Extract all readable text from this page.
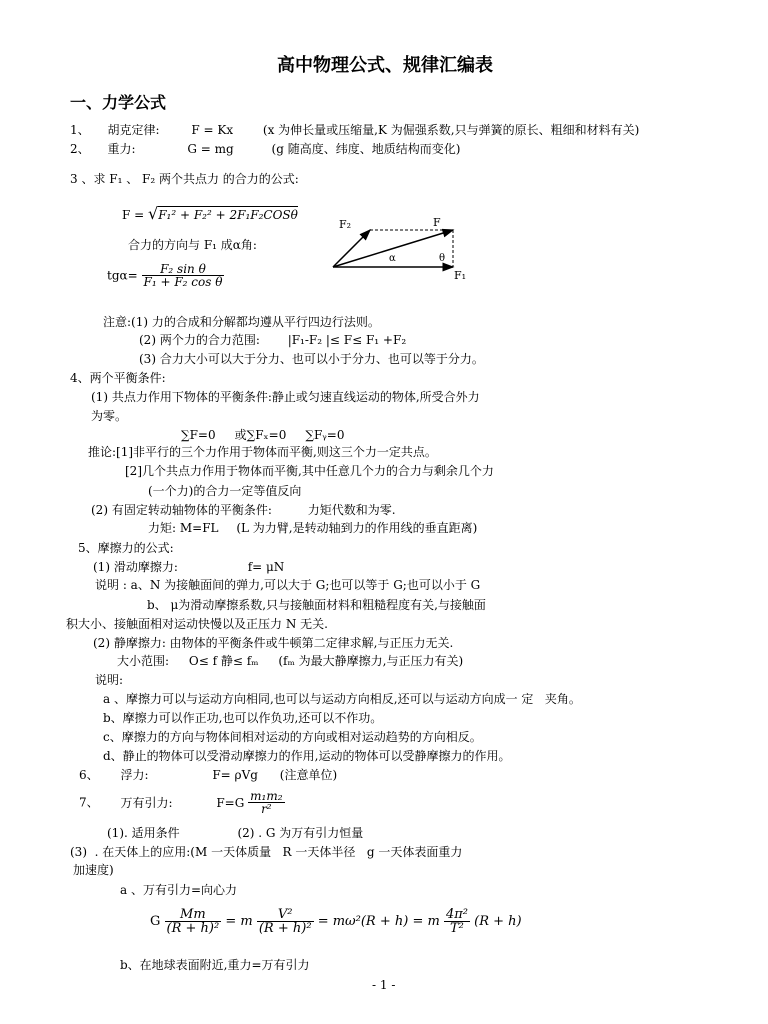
高中物理公式、规律汇编表
一、力学公式
1、 胡克定律:	F = Kx (x 为伸长量或压缩量,K 为倔强系数,只与弹簧的原长、粗细和材料有关)
2、 重力:	G = mg	(g 随高度、纬度、地质结构而变化)
3 、求 F₁ 、 F₂ 两个共点力 的合力的公式:
F = √F₁² + F₂² + 2F₁F₂COSθ
合力的方向与 F₁ 成α角:
$tg\alpha= \frac{\text{F₂ sin θ}}{\text{F₁ + F₂ cos θ}}$
F₂	F
F₁
α	θ
注意:(1) 力的合成和分解都均遵从平行四边行法则。
(2) 两个力的合力范围: |F₁-F₂ |≤ F≤ F₁ +F₂
(3) 合力大小可以大于分力、也可以小于分力、也可以等于分力。
4、两个平衡条件:
(1) 共点力作用下物体的平衡条件:静止或匀速直线运动的物体,所受合外力
为零。
∑F=0     或∑Fₓ=0     ∑Fᵧ=0
推论:[1]非平行的三个力作用于物体而平衡,则这三个力一定共点。
[2]几个共点力作用于物体而平衡,其中任意几个力的合力与剩余几个力
(一个力)的合力一定等值反向
(2) 有固定转动轴物体的平衡条件:	力矩代数和为零.
力矩: M=FL (L 为力臂,是转动轴到力的作用线的垂直距离)
5、摩擦力的公式:
(1) 滑动摩擦力:	f= μN
说明 : a、N 为接触面间的弹力,可以大于 G;也可以等于 G;也可以小于 G
b、 μ为滑动摩擦系数,只与接触面材料和粗糙程度有关,与接触面
积大小、接触面相对运动快慢以及正压力 N 无关.
(2) 静摩擦力: 由物体的平衡条件或牛顿第二定律求解,与正压力无关.
大小范围: O≤ f 静≤ fₘ (fₘ 为最大静摩擦力,与正压力有关)
说明:
a 、摩擦力可以与运动方向相同,也可以与运动方向相反,还可以与运动方向成一 定   夹角。
b、摩擦力可以作正功,也可以作负功,还可以不作功。
c、摩擦力的方向与物体间相对运动的方向或相对运动趋势的方向相反。
d、静止的物体可以受滑动摩擦力的作用,运动的物体可以受静摩擦力的作用。
6、 浮力:	F= ρVg (注意单位)
7、 万有引力:	$F=G \frac{\text{m₁m₂}}{\text{r²}}$
(1). 适用条件	(2) . G 为万有引力恒量
(3)  . 在天体上的应用:(M 一天体质量   R 一天体半径   g 一天体表面重力
加速度)
a 、万有引力=向心力
G $\frac{Mm}{\text{(R + h)²}} = m \frac{\text{V²}}{\text{(R + h)²}} = m\omega^2(R + h) = m \frac{\text{4π²}}{\text{T²}} (R + h)$
b、在地球表面附近,重力=万有引力
- 1 -
